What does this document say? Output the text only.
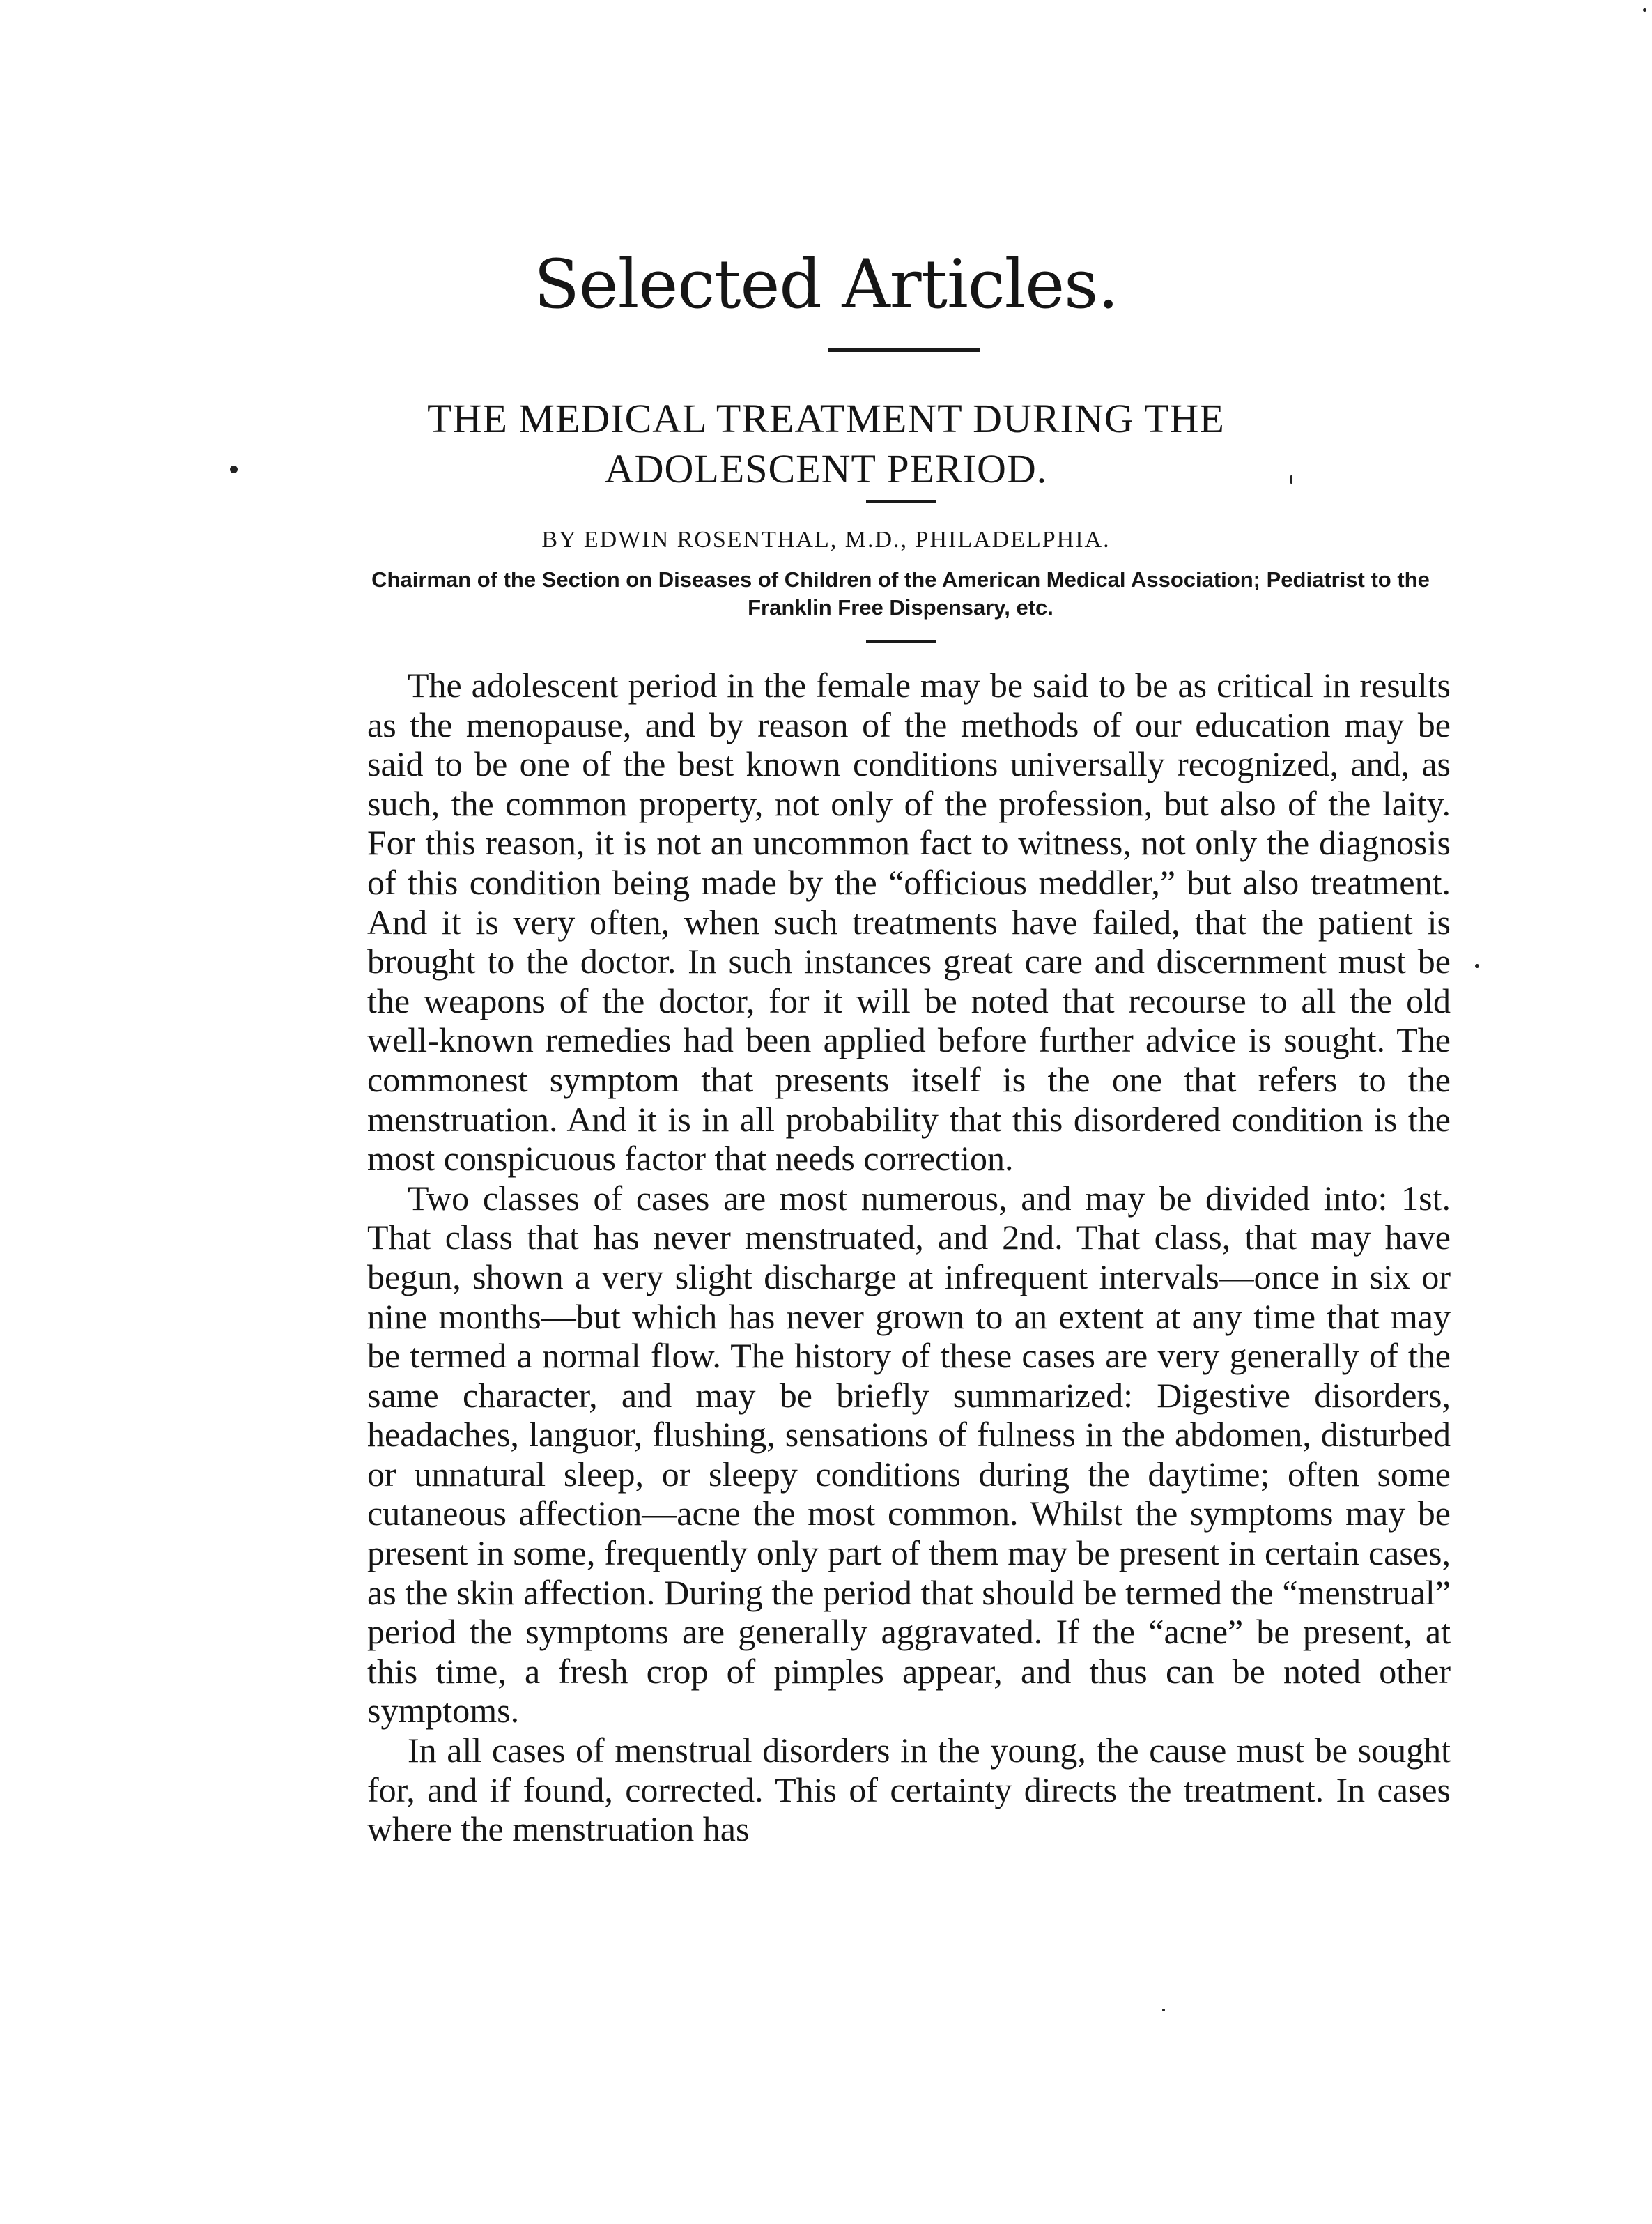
Selected Articles.
THE MEDICAL TREATMENT DURING THE
ADOLESCENT PERIOD.

BY EDWIN ROSENTHAL, M.D., PHILADELPHIA.

Chairman of the Section on Diseases of Children of the American Medical Association; Pediatrist to the Franklin Free Dispensary, etc.

The adolescent period in the female may be said to be as critical in results as the menopause, and by reason of the methods of our education may be said to be one of the best known conditions universally recognized, and, as such, the common property, not only of the profession, but also of the laity. For this reason, it is not an uncommon fact to witness, not only the diagnosis of this condition being made by the “officious meddler,” but also treatment. And it is very often, when such treatments have failed, that the patient is brought to the doctor. In such instances great care and discernment must be the weapons of the doctor, for it will be noted that recourse to all the old well-known remedies had been applied before further advice is sought. The commonest symptom that presents itself is the one that refers to the menstruation. And it is in all probability that this disordered condition is the most conspicuous factor that needs correction.

Two classes of cases are most numerous, and may be divided into: 1st. That class that has never menstruated, and 2nd. That class, that may have begun, shown a very slight discharge at infrequent intervals—once in six or nine months—but which has never grown to an extent at any time that may be termed a normal flow. The history of these cases are very generally of the same character, and may be briefly summarized: Digestive disorders, headaches, languor, flushing, sensations of fulness in the abdomen, disturbed or unnatural sleep, or sleepy conditions during the daytime; often some cutaneous affection—acne the most common. Whilst the symptoms may be present in some, frequently only part of them may be present in certain cases, as the skin affection. During the period that should be termed the “menstrual” period the symptoms are generally aggravated. If the “acne” be present, at this time, a fresh crop of pimples appear, and thus can be noted other symptoms.

In all cases of menstrual disorders in the young, the cause must be sought for, and if found, corrected. This of certainty directs the treatment. In cases where the menstruation has
